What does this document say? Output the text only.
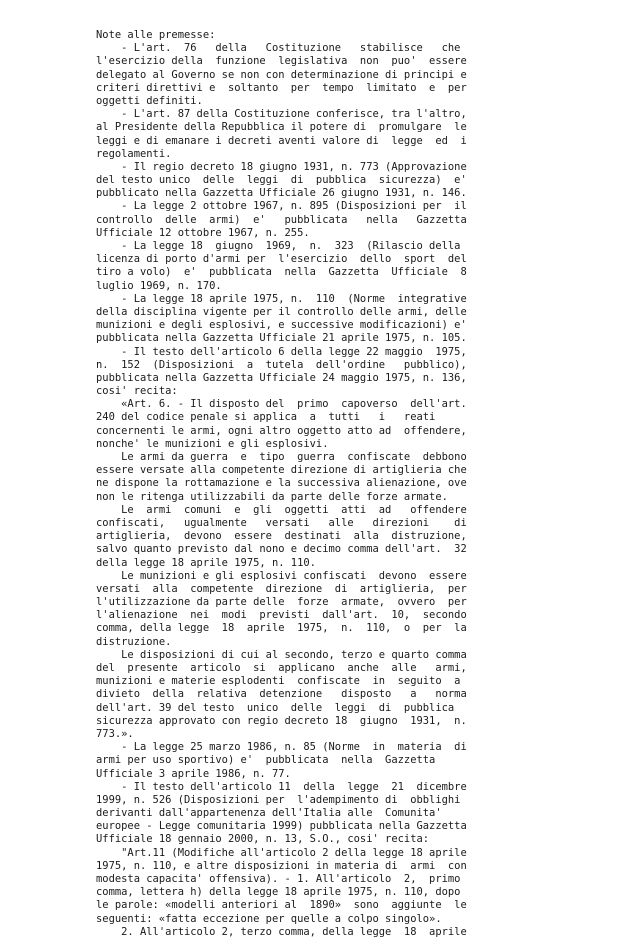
Note alle premesse:
- L'art.  76   della   Costituzione   stabilisce   che
l'esercizio della  funzione  legislativa  non  puo'  essere
delegato al Governo se non con determinazione di principi e
criteri direttivi e  soltanto  per  tempo  limitato  e  per
oggetti definiti.
- L'art. 87 della Costituzione conferisce, tra l'altro,
al Presidente della Repubblica il potere di  promulgare  le
leggi e di emanare i decreti aventi valore di  legge  ed  i
regolamenti.
- Il regio decreto 18 giugno 1931, n. 773 (Approvazione
del testo unico  delle  leggi  di  pubblica  sicurezza)  e'
pubblicato nella Gazzetta Ufficiale 26 giugno 1931, n. 146.
- La legge 2 ottobre 1967, n. 895 (Disposizioni per  il
controllo  delle  armi)  e'   pubblicata   nella   Gazzetta
Ufficiale 12 ottobre 1967, n. 255.
- La legge 18  giugno  1969,  n.  323  (Rilascio della
licenza di porto d'armi per  l'esercizio  dello  sport  del
tiro a volo)  e'  pubblicata  nella  Gazzetta  Ufficiale  8
luglio 1969, n. 170.
- La legge 18 aprile 1975, n.  110  (Norme  integrative
della disciplina vigente per il controllo delle armi, delle
munizioni e degli esplosivi, e successive modificazioni) e'
pubblicata nella Gazzetta Ufficiale 21 aprile 1975, n. 105.
- Il testo dell'articolo 6 della legge 22 maggio  1975,
n.  152  (Disposizioni  a  tutela  dell'ordine   pubblico),
pubblicata nella Gazzetta Ufficiale 24 maggio 1975, n. 136,
cosi' recita:
«Art. 6. - Il disposto del  primo  capoverso  dell'art.
240 del codice penale si applica  a  tutti   i   reati
concernenti le armi, ogni altro oggetto atto ad  offendere,
nonche' le munizioni e gli esplosivi.
Le armi da guerra  e  tipo  guerra  confiscate  debbono
essere versate alla competente direzione di artiglieria che
ne dispone la rottamazione e la successiva alienazione, ove
non le ritenga utilizzabili da parte delle forze armate.
Le  armi  comuni  e  gli  oggetti  atti  ad   offendere
confiscati,   ugualmente   versati   alle   direzioni    di
artiglieria,  devono  essere  destinati  alla  distruzione,
salvo quanto previsto dal nono e decimo comma dell'art.  32
della legge 18 aprile 1975, n. 110.
Le munizioni e gli esplosivi confiscati  devono  essere
versati  alla  competente  direzione  di  artiglieria,  per
l'utilizzazione da parte delle  forze  armate,  ovvero  per
l'alienazione  nei  modi  previsti  dall'art.  10,  secondo
comma, della legge  18  aprile  1975,  n.  110,  o  per  la
distruzione.
Le disposizioni di cui al secondo, terzo e quarto comma
del  presente  articolo  si  applicano  anche  alle   armi,
munizioni e materie esplodenti  confiscate  in  seguito  a
divieto  della  relativa  detenzione   disposto   a   norma
dell'art. 39 del testo  unico  delle  leggi  di  pubblica
sicurezza approvato con regio decreto 18  giugno  1931,  n.
773.».
- La legge 25 marzo 1986, n. 85 (Norme  in  materia  di
armi per uso sportivo) e'  pubblicata  nella  Gazzetta
Ufficiale 3 aprile 1986, n. 77.
- Il testo dell'articolo 11  della  legge  21  dicembre
1999, n. 526 (Disposizioni per  l'adempimento di  obblighi
derivanti dall'appartenenza dell'Italia alle  Comunita'
europee - Legge comunitaria 1999) pubblicata nella Gazzetta
Ufficiale 18 gennaio 2000, n. 13, S.O., cosi' recita:
"Art.11 (Modifiche all'articolo 2 della legge 18 aprile
1975, n. 110, e altre disposizioni in materia di  armi  con
modesta capacita' offensiva). - 1. All'articolo  2,  primo
comma, lettera h) della legge 18 aprile 1975, n. 110, dopo
le parole: «modelli anteriori al  1890»  sono  aggiunte  le
seguenti: «fatta eccezione per quelle a colpo singolo».
2. All'articolo 2, terzo comma, della legge  18  aprile
